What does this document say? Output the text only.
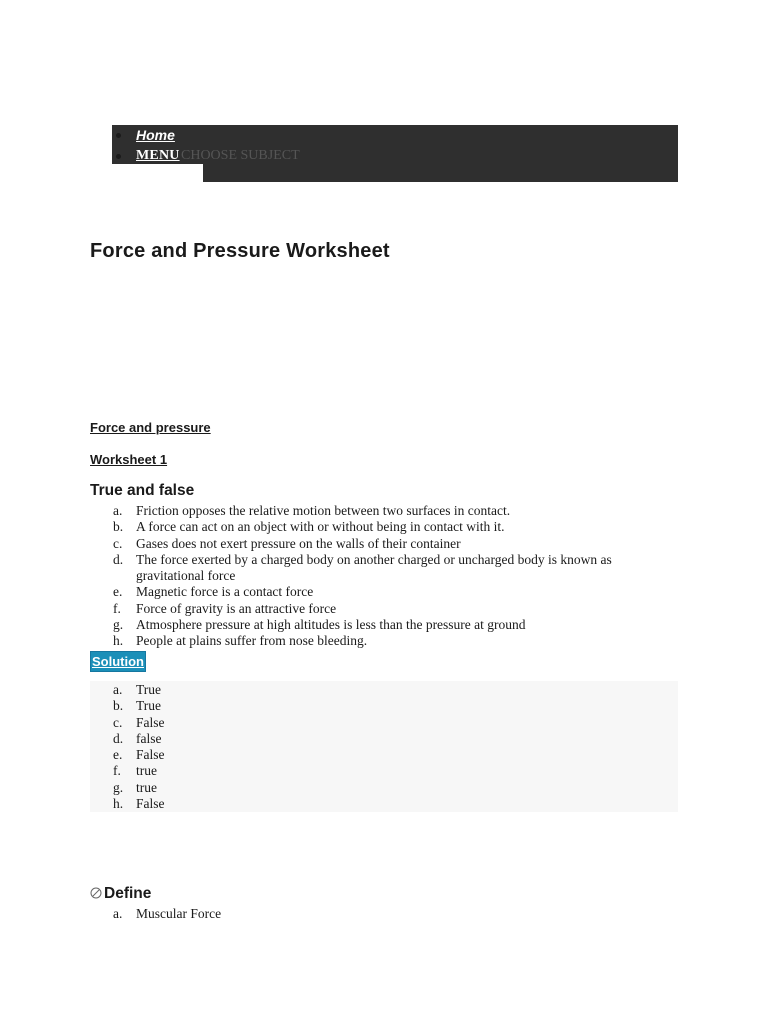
Home
MENU CHOOSE SUBJECT
Force and Pressure Worksheet
Force and pressure
Worksheet 1
True and false
a. Friction opposes the relative motion between two surfaces in contact.
b. A force can act on an object with or without being in contact with it.
c. Gases does not exert pressure on the walls of their container
d. The force exerted by a charged body on another charged or uncharged body is known as gravitational force
e. Magnetic force is a contact force
f. Force of gravity is an attractive force
g. Atmosphere pressure at high altitudes is less than the pressure at ground
h. People at plains suffer from nose bleeding.
Solution
a. True
b. True
c. False
d. false
e. False
f. true
g. true
h. False
Define
a. Muscular Force
